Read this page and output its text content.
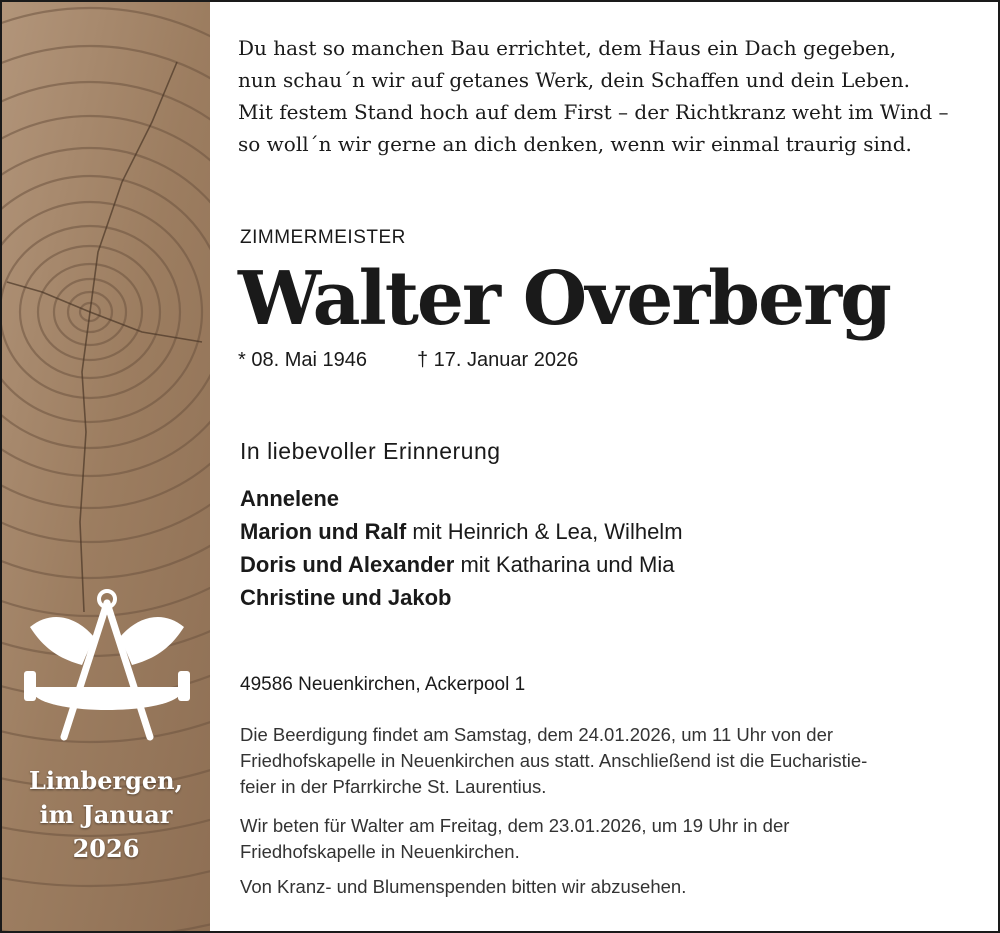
Limbergen,
im Januar
2026
Du hast so manchen Bau errichtet, dem Haus ein Dach gegeben,
nun schau´n wir auf getanes Werk, dein Schaffen und dein Leben.
Mit festem Stand hoch auf dem First – der Richtkranz weht im Wind –
so woll´n wir gerne an dich denken, wenn wir einmal traurig sind.
ZIMMERMEISTER
Walter Overberg
* 08. Mai 1946	† 17. Januar 2026
In liebevoller Erinnerung
Annelene
Marion und Ralf mit Heinrich & Lea, Wilhelm
Doris und Alexander mit Katharina und Mia
Christine und Jakob
49586 Neuenkirchen, Ackerpool 1
Die Beerdigung findet am Samstag, dem 24.01.2026, um 11 Uhr von der
Friedhofskapelle in Neuenkirchen aus statt. Anschließend ist die Eucharistie-
feier in der Pfarrkirche St. Laurentius.
Wir beten für Walter am Freitag, dem 23.01.2026, um 19 Uhr in der
Friedhofskapelle in Neuenkirchen.
Von Kranz- und Blumenspenden bitten wir abzusehen.
